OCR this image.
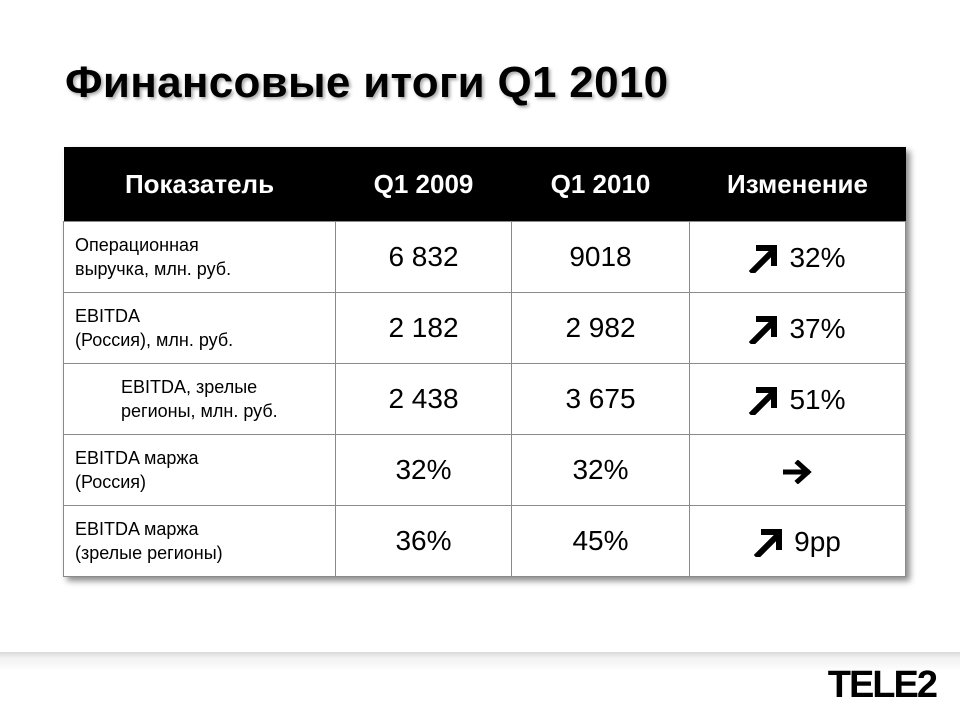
Финансовые итоги Q1 2010
Показатель	Q1 2009	Q1 2010	Изменение

Операционная
выручка, млн. руб.	6 832	9018	32%

EBITDA
(Россия), млн. руб.	2 182	2 982	37%

EBITDA, зрелые
регионы, млн. руб.	2 438	3 675	51%

EBITDA маржа
(Россия)	32%	32%	

EBITDA маржа
(зрелые регионы)	36%	45%	9pp
TELE2
